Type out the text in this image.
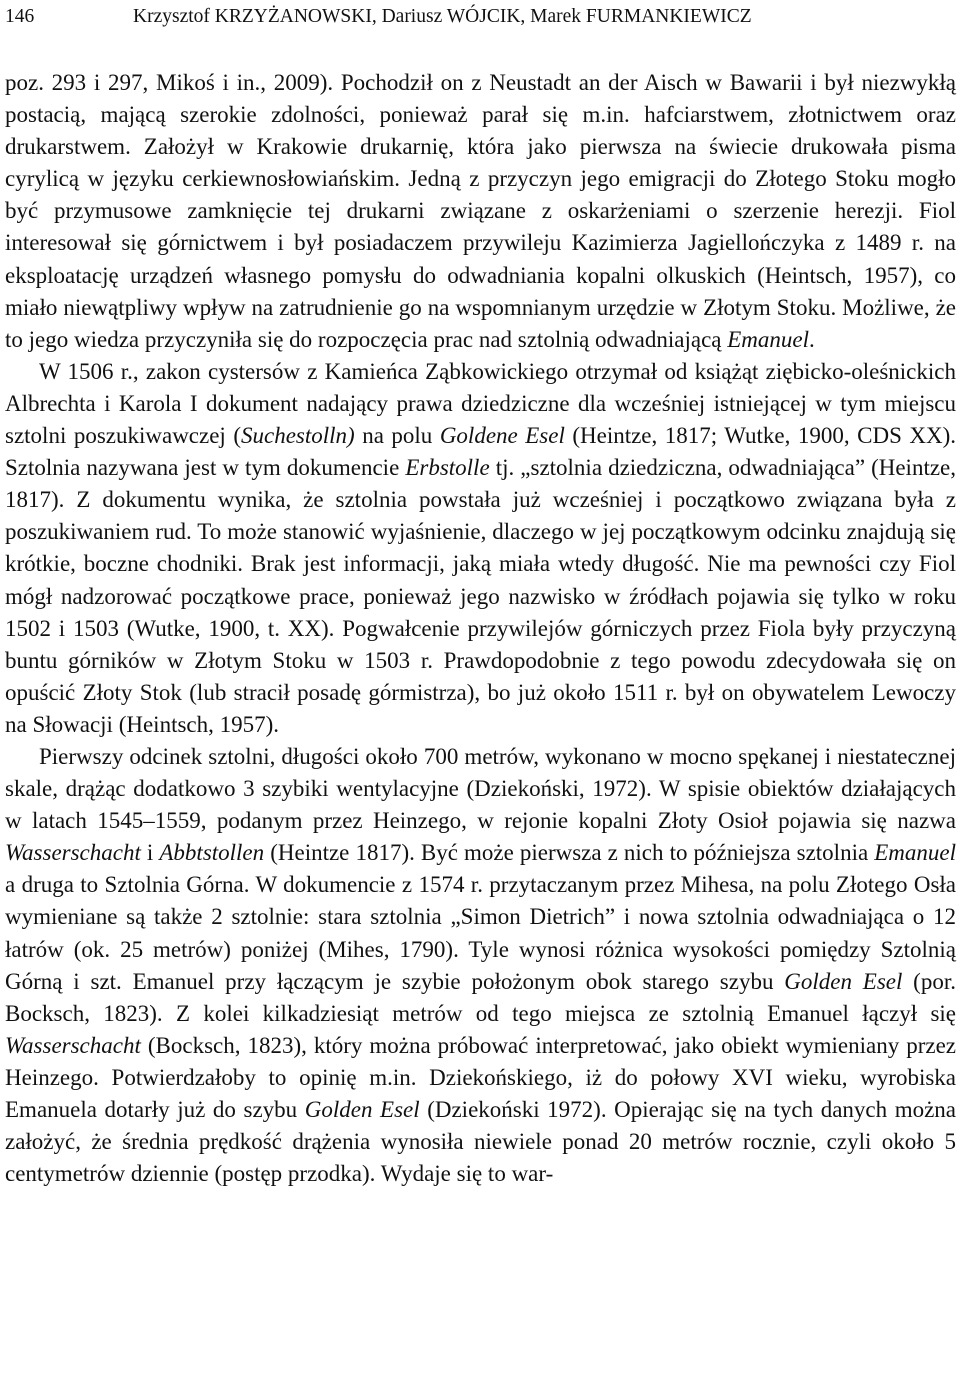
146	Krzysztof KRZYŻANOWSKI, Dariusz WÓJCIK, Marek FURMANKIEWICZ

poz. 293 i 297, Mikoś i in., 2009). Pochodził on z Neustadt an der Aisch w Bawarii i był niezwykłą postacią, mającą szerokie zdolności, ponieważ parał się m.in. hafciarstwem, złotnictwem oraz drukarstwem. Założył w Krakowie drukarnię, która jako pierwsza na świecie drukowała pisma cyrylicą w języku cerkiewnosłowiańskim. Jedną z przyczyn jego emigracji do Złotego Stoku mogło być przymusowe zamknięcie tej drukarni związane z oskarżeniami o szerzenie herezji. Fiol interesował się górnictwem i był posiadaczem przywileju Kazimierza Jagiellończyka z 1489 r. na eksploatację urządzeń własnego pomysłu do odwadniania kopalni olkuskich (Heintsch, 1957), co miało niewątpliwy wpływ na zatrudnienie go na wspomnianym urzędzie w Złotym Stoku. Możliwe, że to jego wiedza przyczyniła się do rozpoczęcia prac nad sztolnią odwadniającą Emanuel.

W 1506 r., zakon cystersów z Kamieńca Ząbkowickiego otrzymał od książąt ziębicko-oleśnickich Albrechta i Karola I dokument nadający prawa dziedziczne dla wcześniej istniejącej w tym miejscu sztolni poszukiwawczej (Suchestolln) na polu Goldene Esel (Heintze, 1817; Wutke, 1900, CDS XX). Sztolnia nazywana jest w tym dokumencie Erbstolle tj. „sztolnia dziedziczna, odwadniająca” (Heintze, 1817). Z dokumentu wynika, że sztolnia powstała już wcześniej i początkowo związana była z poszukiwaniem rud. To może stanowić wyjaśnienie, dlaczego w jej początkowym odcinku znajdują się krótkie, boczne chodniki. Brak jest informacji, jaką miała wtedy długość. Nie ma pewności czy Fiol mógł nadzorować początkowe prace, ponieważ jego nazwisko w źródłach pojawia się tylko w roku 1502 i 1503 (Wutke, 1900, t. XX). Pogwałcenie przywilejów górniczych przez Fiola były przyczyną buntu górników w Złotym Stoku w 1503 r. Prawdopodobnie z tego powodu zdecydowała się on opuścić Złoty Stok (lub stracił posadę górmistrza), bo już około 1511 r. był on obywatelem Lewoczy na Słowacji (Heintsch, 1957).

Pierwszy odcinek sztolni, długości około 700 metrów, wykonano w mocno spękanej i niestatecznej skale, drążąc dodatkowo 3 szybiki wentylacyjne (Dziekoński, 1972). W spisie obiektów działających w latach 1545–1559, podanym przez Heinzego, w rejonie kopalni Złoty Osioł pojawia się nazwa Wasserschacht i Abbtstollen (Heintze 1817). Być może pierwsza z nich to późniejsza sztolnia Emanuel a druga to Sztolnia Górna. W dokumencie z 1574 r. przytaczanym przez Mihesa, na polu Złotego Osła wymieniane są także 2 sztolnie: stara sztolnia „Simon Dietrich” i nowa sztolnia odwadniająca o 12 łatrów (ok. 25 metrów) poniżej (Mihes, 1790). Tyle wynosi różnica wysokości pomiędzy Sztolnią Górną i szt. Emanuel przy łączącym je szybie położonym obok starego szybu Golden Esel (por. Bocksch, 1823). Z kolei kilkadziesiąt metrów od tego miejsca ze sztolnią Emanuel łączył się Wasserschacht (Bocksch, 1823), który można próbować interpretować, jako obiekt wymieniany przez Heinzego. Potwierdzałoby to opinię m.in. Dziekońskiego, iż do połowy XVI wieku, wyrobiska Emanuela dotarły już do szybu Golden Esel (Dziekoński 1972). Opierając się na tych danych można założyć, że średnia prędkość drążenia wynosiła niewiele ponad 20 metrów rocznie, czyli około 5 centymetrów dziennie (postęp przodka). Wydaje się to war-
